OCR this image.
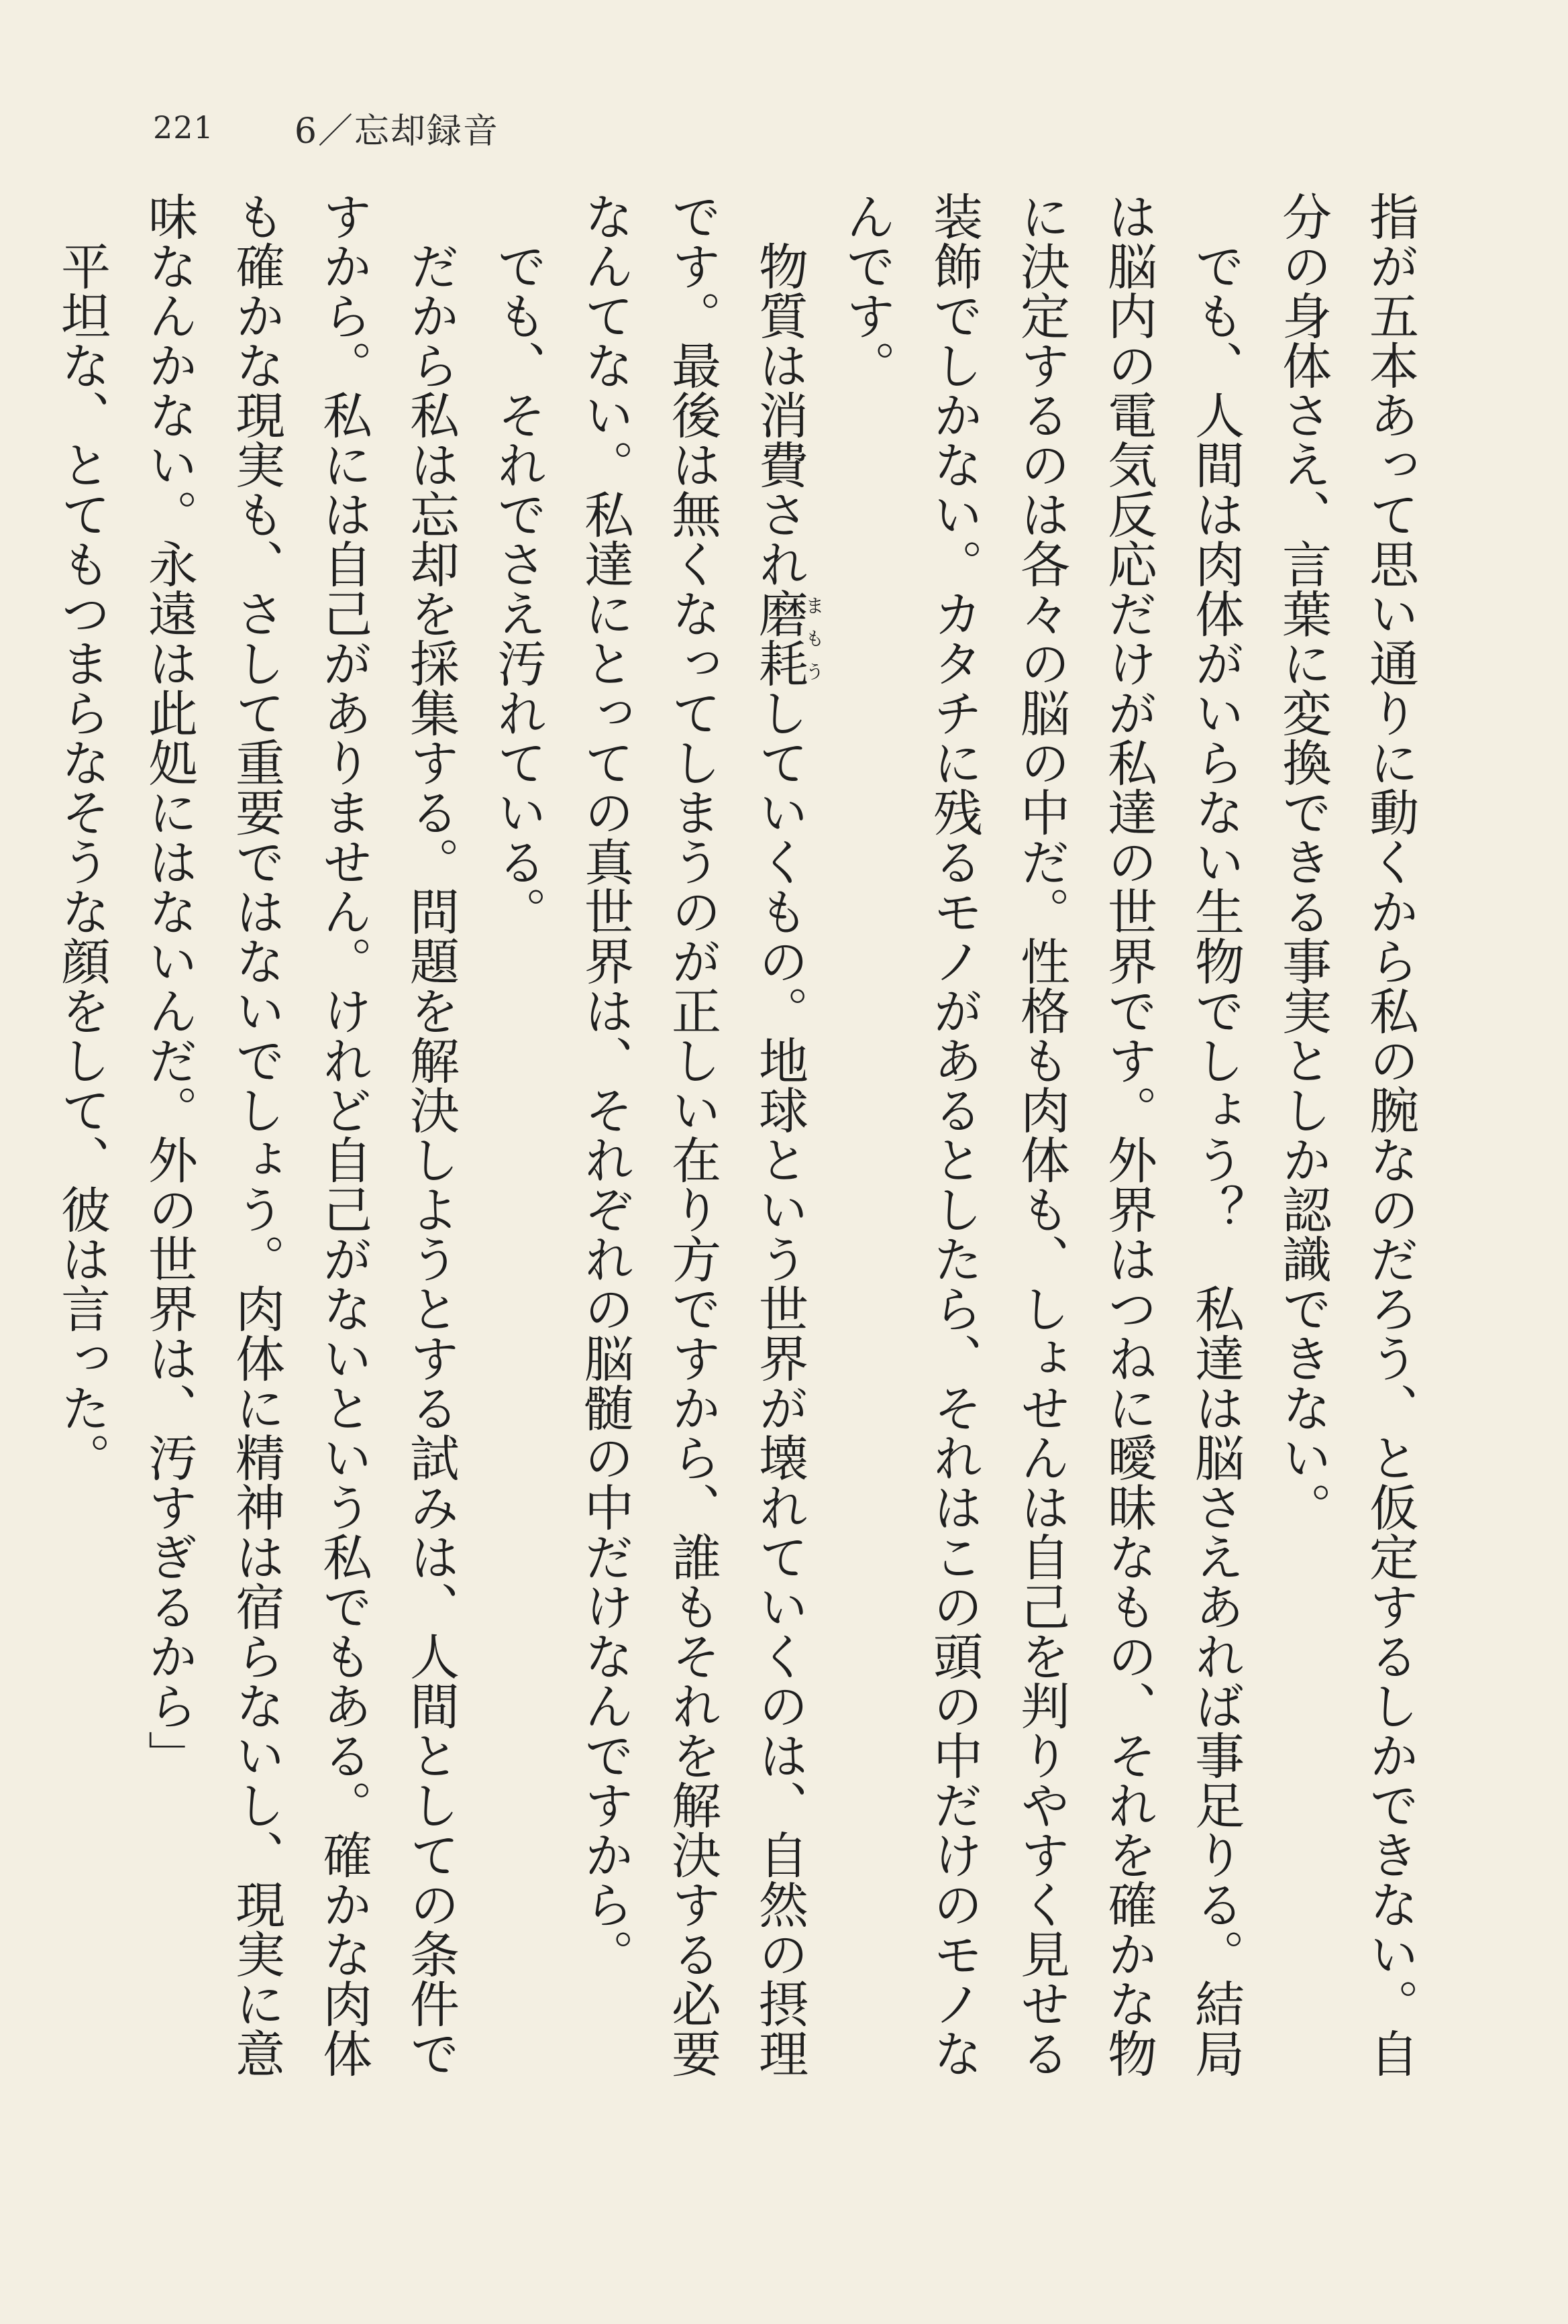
221 6／忘却録音

指が五本あって思い通りに動くから私の腕なのだろう、と仮定するしかできない。自分の身体さえ、言葉に変換できる事実としか認識できない。

でも、人間は肉体がいらない生物でしょう？　私達は脳さえあれば事足りる。結局は脳内の電気反応だけが私達の世界です。外界はつねに曖昧なもの、それを確かな物に決定するのは各々の脳の中だ。性格も肉体も、しょせんは自己を判りやすく見せる装飾でしかない。カタチに残るモノがあるとしたら、それはこの頭の中だけのモノなんです。

物質は消費され磨耗まもうしていくもの。地球という世界が壊れていくのは、自然の摂理です。最後は無くなってしまうのが正しい在り方ですから、誰もそれを解決する必要なんてない。私達にとっての真世界は、それぞれの脳髄の中だけなんですから。

でも、それでさえ汚れている。

だから私は忘却を採集する。問題を解決しようとする試みは、人間としての条件ですから。私には自己がありません。けれど自己がないという私でもある。確かな肉体も確かな現実も、さして重要ではないでしょう。肉体に精神は宿らないし、現実に意味なんかない。永遠は此処にはないんだ。外の世界は、汚すぎるから」

平坦な、とてもつまらなそうな顔をして、彼は言った。
